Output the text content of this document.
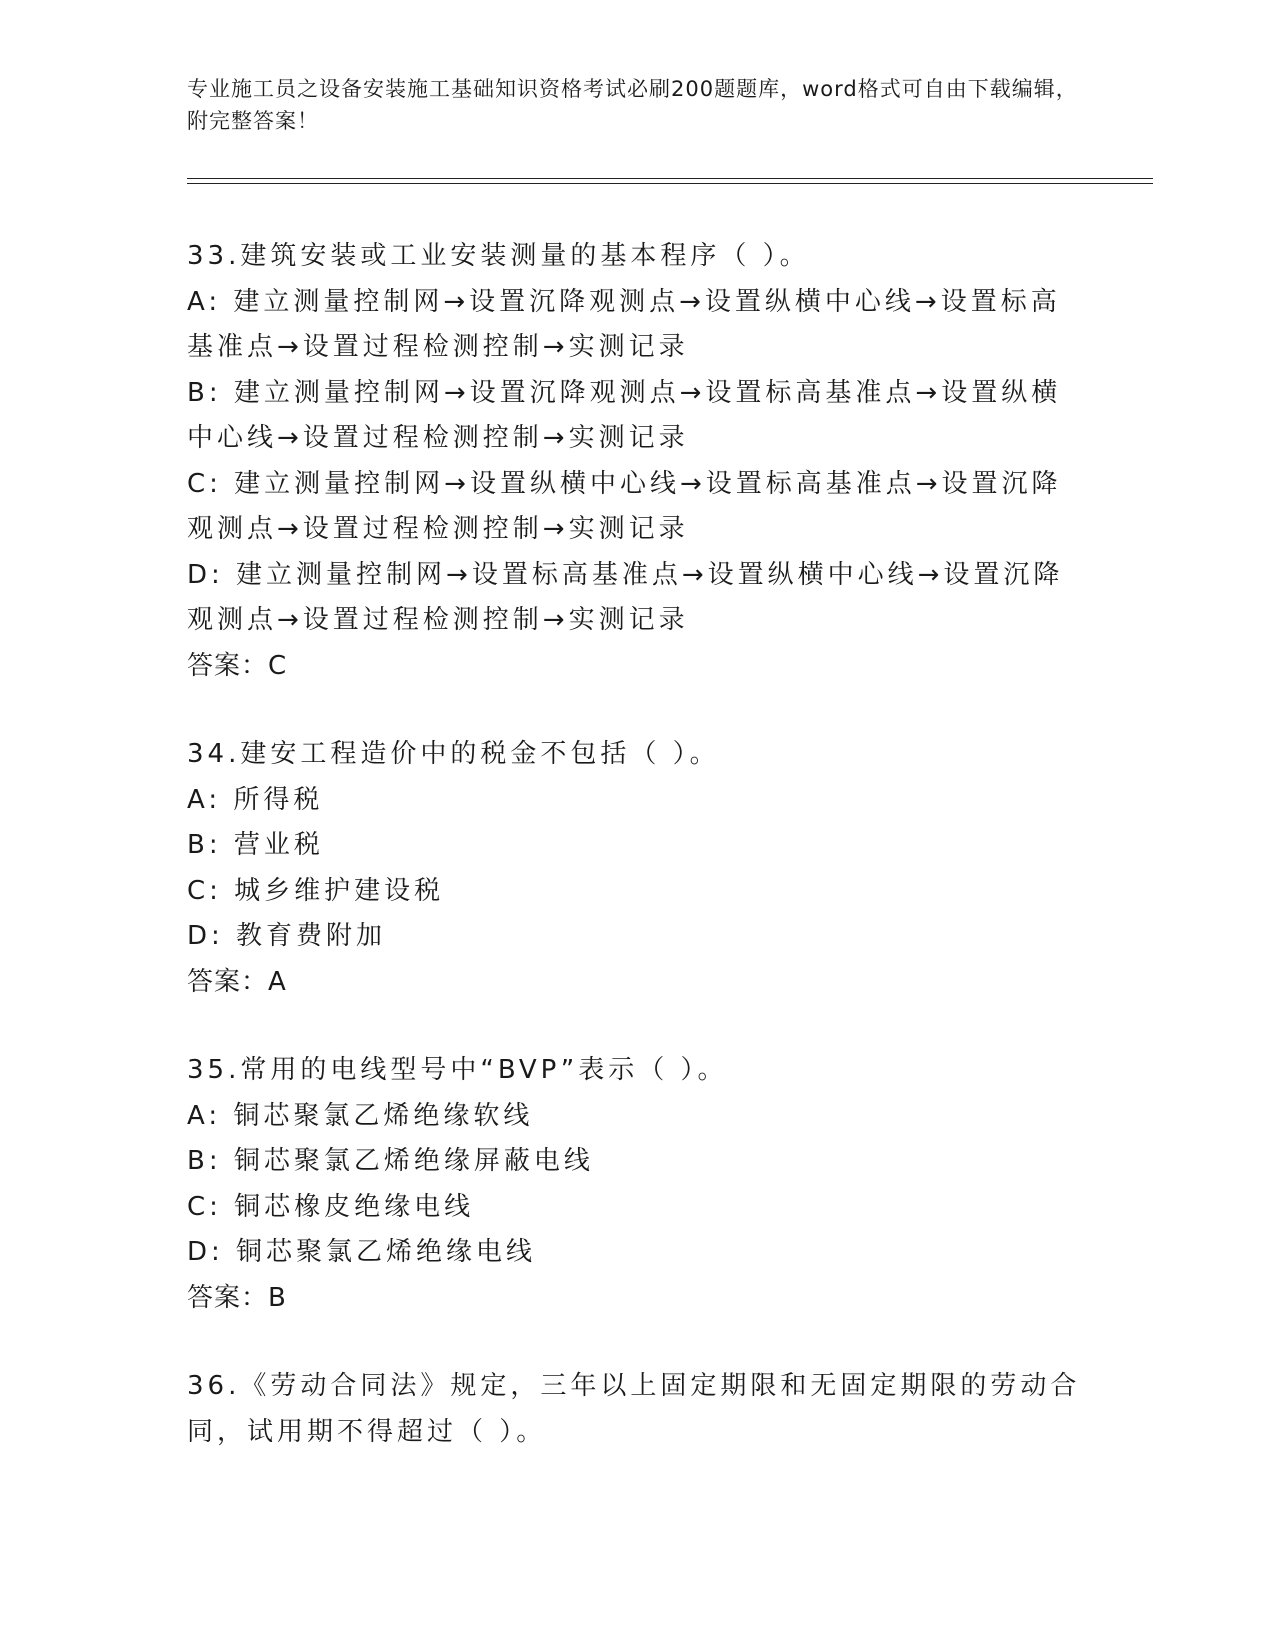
专业施工员之设备安装施工基础知识资格考试必刷200题题库，word格式可自由下载编辑，附完整答案！
33.建筑安装或工业安装测量的基本程序（ ）。
A: 建立测量控制网→设置沉降观测点→设置纵横中心线→设置标高基准点→设置过程检测控制→实测记录
B: 建立测量控制网→设置沉降观测点→设置标高基准点→设置纵横中心线→设置过程检测控制→实测记录
C: 建立测量控制网→设置纵横中心线→设置标高基准点→设置沉降观测点→设置过程检测控制→实测记录
D: 建立测量控制网→设置标高基准点→设置纵横中心线→设置沉降观测点→设置过程检测控制→实测记录
答案：C
34.建安工程造价中的税金不包括（ ）。
A: 所得税
B: 营业税
C: 城乡维护建设税
D: 教育费附加
答案：A
35.常用的电线型号中“BVP”表示（ ）。
A: 铜芯聚氯乙烯绝缘软线
B: 铜芯聚氯乙烯绝缘屏蔽电线
C: 铜芯橡皮绝缘电线
D: 铜芯聚氯乙烯绝缘电线
答案：B
36.《劳动合同法》规定，三年以上固定期限和无固定期限的劳动合同，试用期不得超过（ ）。
